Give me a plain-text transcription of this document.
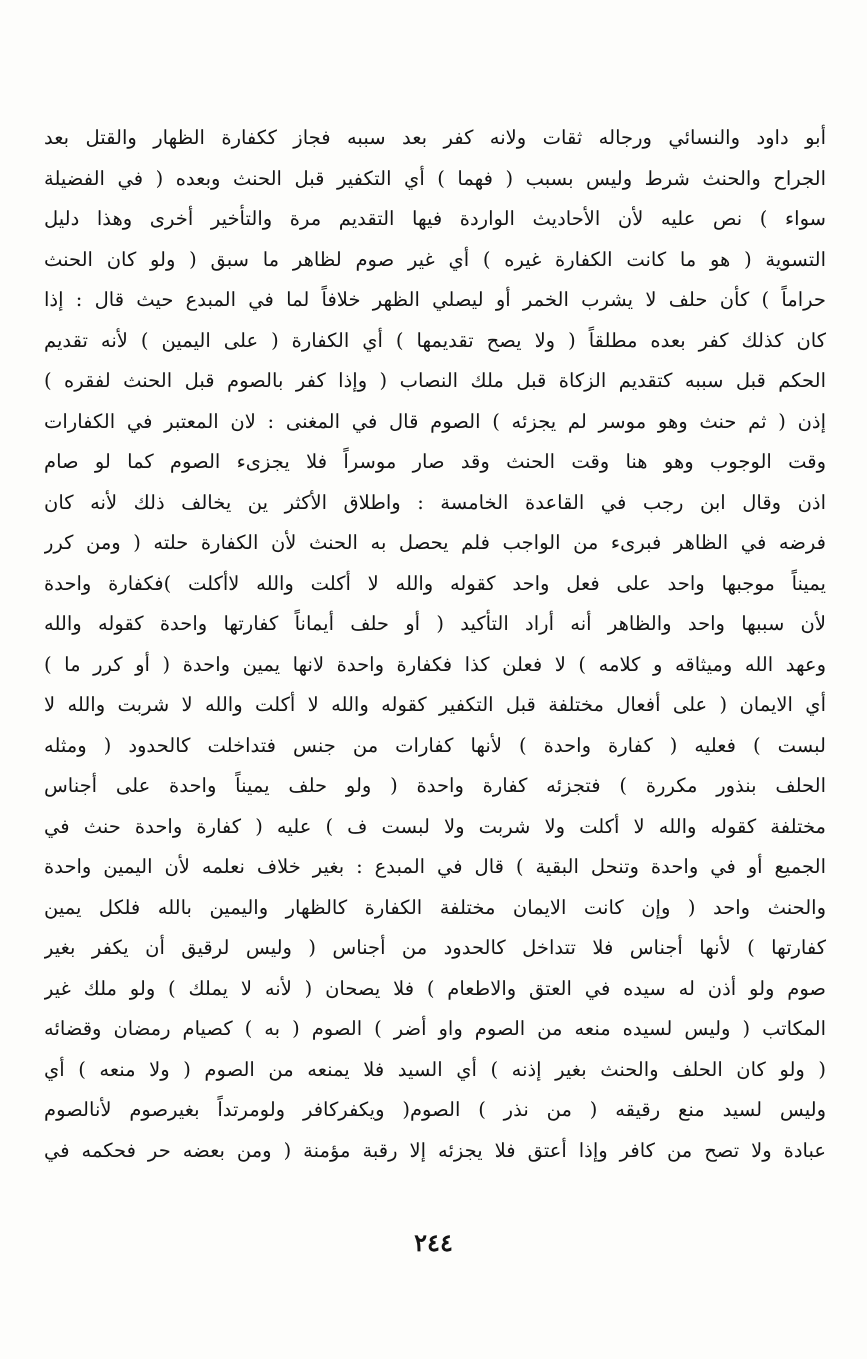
أبو داود والنسائي ورجاله ثقات ولانه كفر بعد سببه فجاز ككفارة الظهار والقتل بعد
الجراح والحنث شرط وليس بسبب ( فهما ) أي التكفير قبل الحنث وبعده ( في الفضيلة
سواء ) نص عليه لأن الأحاديث الواردة فيها التقديم مرة والتأخير أخرى وهذا دليل
التسوية ( هو ما كانت الكفارة غيره ) أي غير صوم لظاهر ما سبق ( ولو كان الحنث
حراماً ) كأن حلف لا يشرب الخمر أو ليصلي الظهر خلافاً لما في المبدع حيث قال : إذا
كان كذلك كفر بعده مطلقاً ( ولا يصح تقديمها ) أي الكفارة ( على اليمين ) لأنه تقديم
الحكم قبل سببه كتقديم الزكاة قبل ملك النصاب ( وإذا كفر بالصوم قبل الحنث لفقره )
إذن ( ثم حنث وهو موسر لم يجزئه ) الصوم قال في المغنى : لان المعتبر في الكفارات
وقت الوجوب وهو هنا وقت الحنث وقد صار موسراً فلا يجزىء الصوم كما لو صام
اذن وقال ابن رجب في القاعدة الخامسة : واطلاق الأكثر ين يخالف ذلك لأنه كان
فرضه في الظاهر فبرىء من الواجب فلم يحصل به الحنث لأن الكفارة حلته ( ومن كرر
يميناً موجبها واحد على فعل واحد كقوله والله لا أكلت والله لاأكلت )فكفارة واحدة
لأن سببها واحد والظاهر أنه أراد التأكيد ( أو حلف أيماناً كفارتها واحدة كقوله والله
وعهد الله وميثاقه و كلامه ) لا فعلن كذا فكفارة واحدة لانها يمين واحدة ( أو كرر ما )
أي الايمان ( على أفعال مختلفة قبل التكفير كقوله والله لا أكلت والله لا شربت والله لا
لبست ) فعليه ( كفارة واحدة ) لأنها كفارات من جنس فتداخلت كالحدود ( ومثله
الحلف بنذور مكررة ) فتجزئه كفارة واحدة ( ولو حلف يميناً واحدة على أجناس
مختلفة كقوله والله لا أكلت ولا شربت ولا لبست ف ) عليه ( كفارة واحدة حنث في
الجميع أو في واحدة وتنحل البقية ) قال في المبدع : بغير خلاف نعلمه لأن اليمين واحدة
والحنث واحد ( وإن كانت الايمان مختلفة الكفارة كالظهار واليمين بالله فلكل يمين
كفارتها ) لأنها أجناس فلا تتداخل كالحدود من أجناس ( وليس لرقيق أن يكفر بغير
صوم ولو أذن له سيده في العتق والاطعام ) فلا يصحان ( لأنه لا يملك ) ولو ملك غير
المكاتب ( وليس لسيده منعه من الصوم واو أضر ) الصوم ( به ) كصيام رمضان وقضائه
( ولو كان الحلف والحنث بغير إذنه ) أي السيد فلا يمنعه من الصوم ( ولا منعه ) أي
وليس لسيد منع رقيقه ( من نذر ) الصوم( ويكفركافر ولومرتداً بغيرصوم لأنالصوم
عبادة ولا تصح من كافر وإذا أعتق فلا يجزئه إلا رقبة مؤمنة ( ومن بعضه حر فحكمه في
٢٤٤
